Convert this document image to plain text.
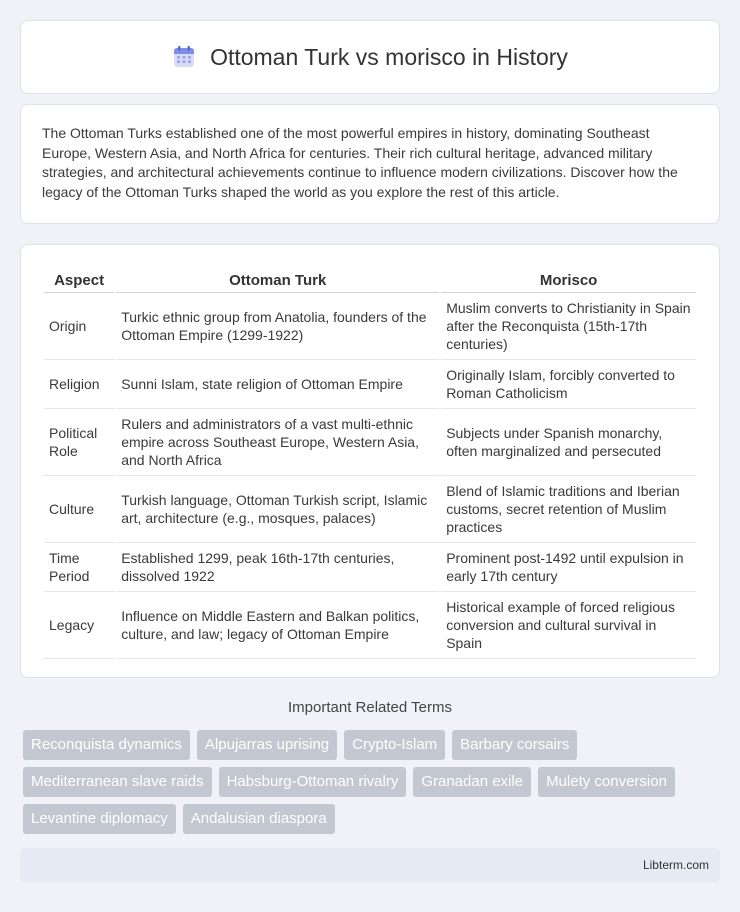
Ottoman Turk vs morisco in History

The Ottoman Turks established one of the most powerful empires in history, dominating Southeast Europe, Western Asia, and North Africa for centuries. Their rich cultural heritage, advanced military strategies, and architectural achievements continue to influence modern civilizations. Discover how the legacy of the Ottoman Turks shaped the world as you explore the rest of this article.

Aspect	Ottoman Turk	Morisco
Origin	Turkic ethnic group from Anatolia, founders of the Ottoman Empire (1299-1922)	Muslim converts to Christianity in Spain after the Reconquista (15th-17th centuries)
Religion	Sunni Islam, state religion of Ottoman Empire	Originally Islam, forcibly converted to Roman Catholicism
Political Role	Rulers and administrators of a vast multi-ethnic empire across Southeast Europe, Western Asia, and North Africa	Subjects under Spanish monarchy, often marginalized and persecuted
Culture	Turkish language, Ottoman Turkish script, Islamic art, architecture (e.g., mosques, palaces)	Blend of Islamic traditions and Iberian customs, secret retention of Muslim practices
Time Period	Established 1299, peak 16th-17th centuries, dissolved 1922	Prominent post-1492 until expulsion in early 17th century
Legacy	Influence on Middle Eastern and Balkan politics, culture, and law; legacy of Ottoman Empire	Historical example of forced religious conversion and cultural survival in Spain
Important Related Terms
Reconquista dynamics	Alpujarras uprising	Crypto-Islam	Barbary corsairs
Mediterranean slave raids	Habsburg-Ottoman rivalry	Granadan exile	Mulety conversion
Levantine diplomacy	Andalusian diaspora
Libterm.com
